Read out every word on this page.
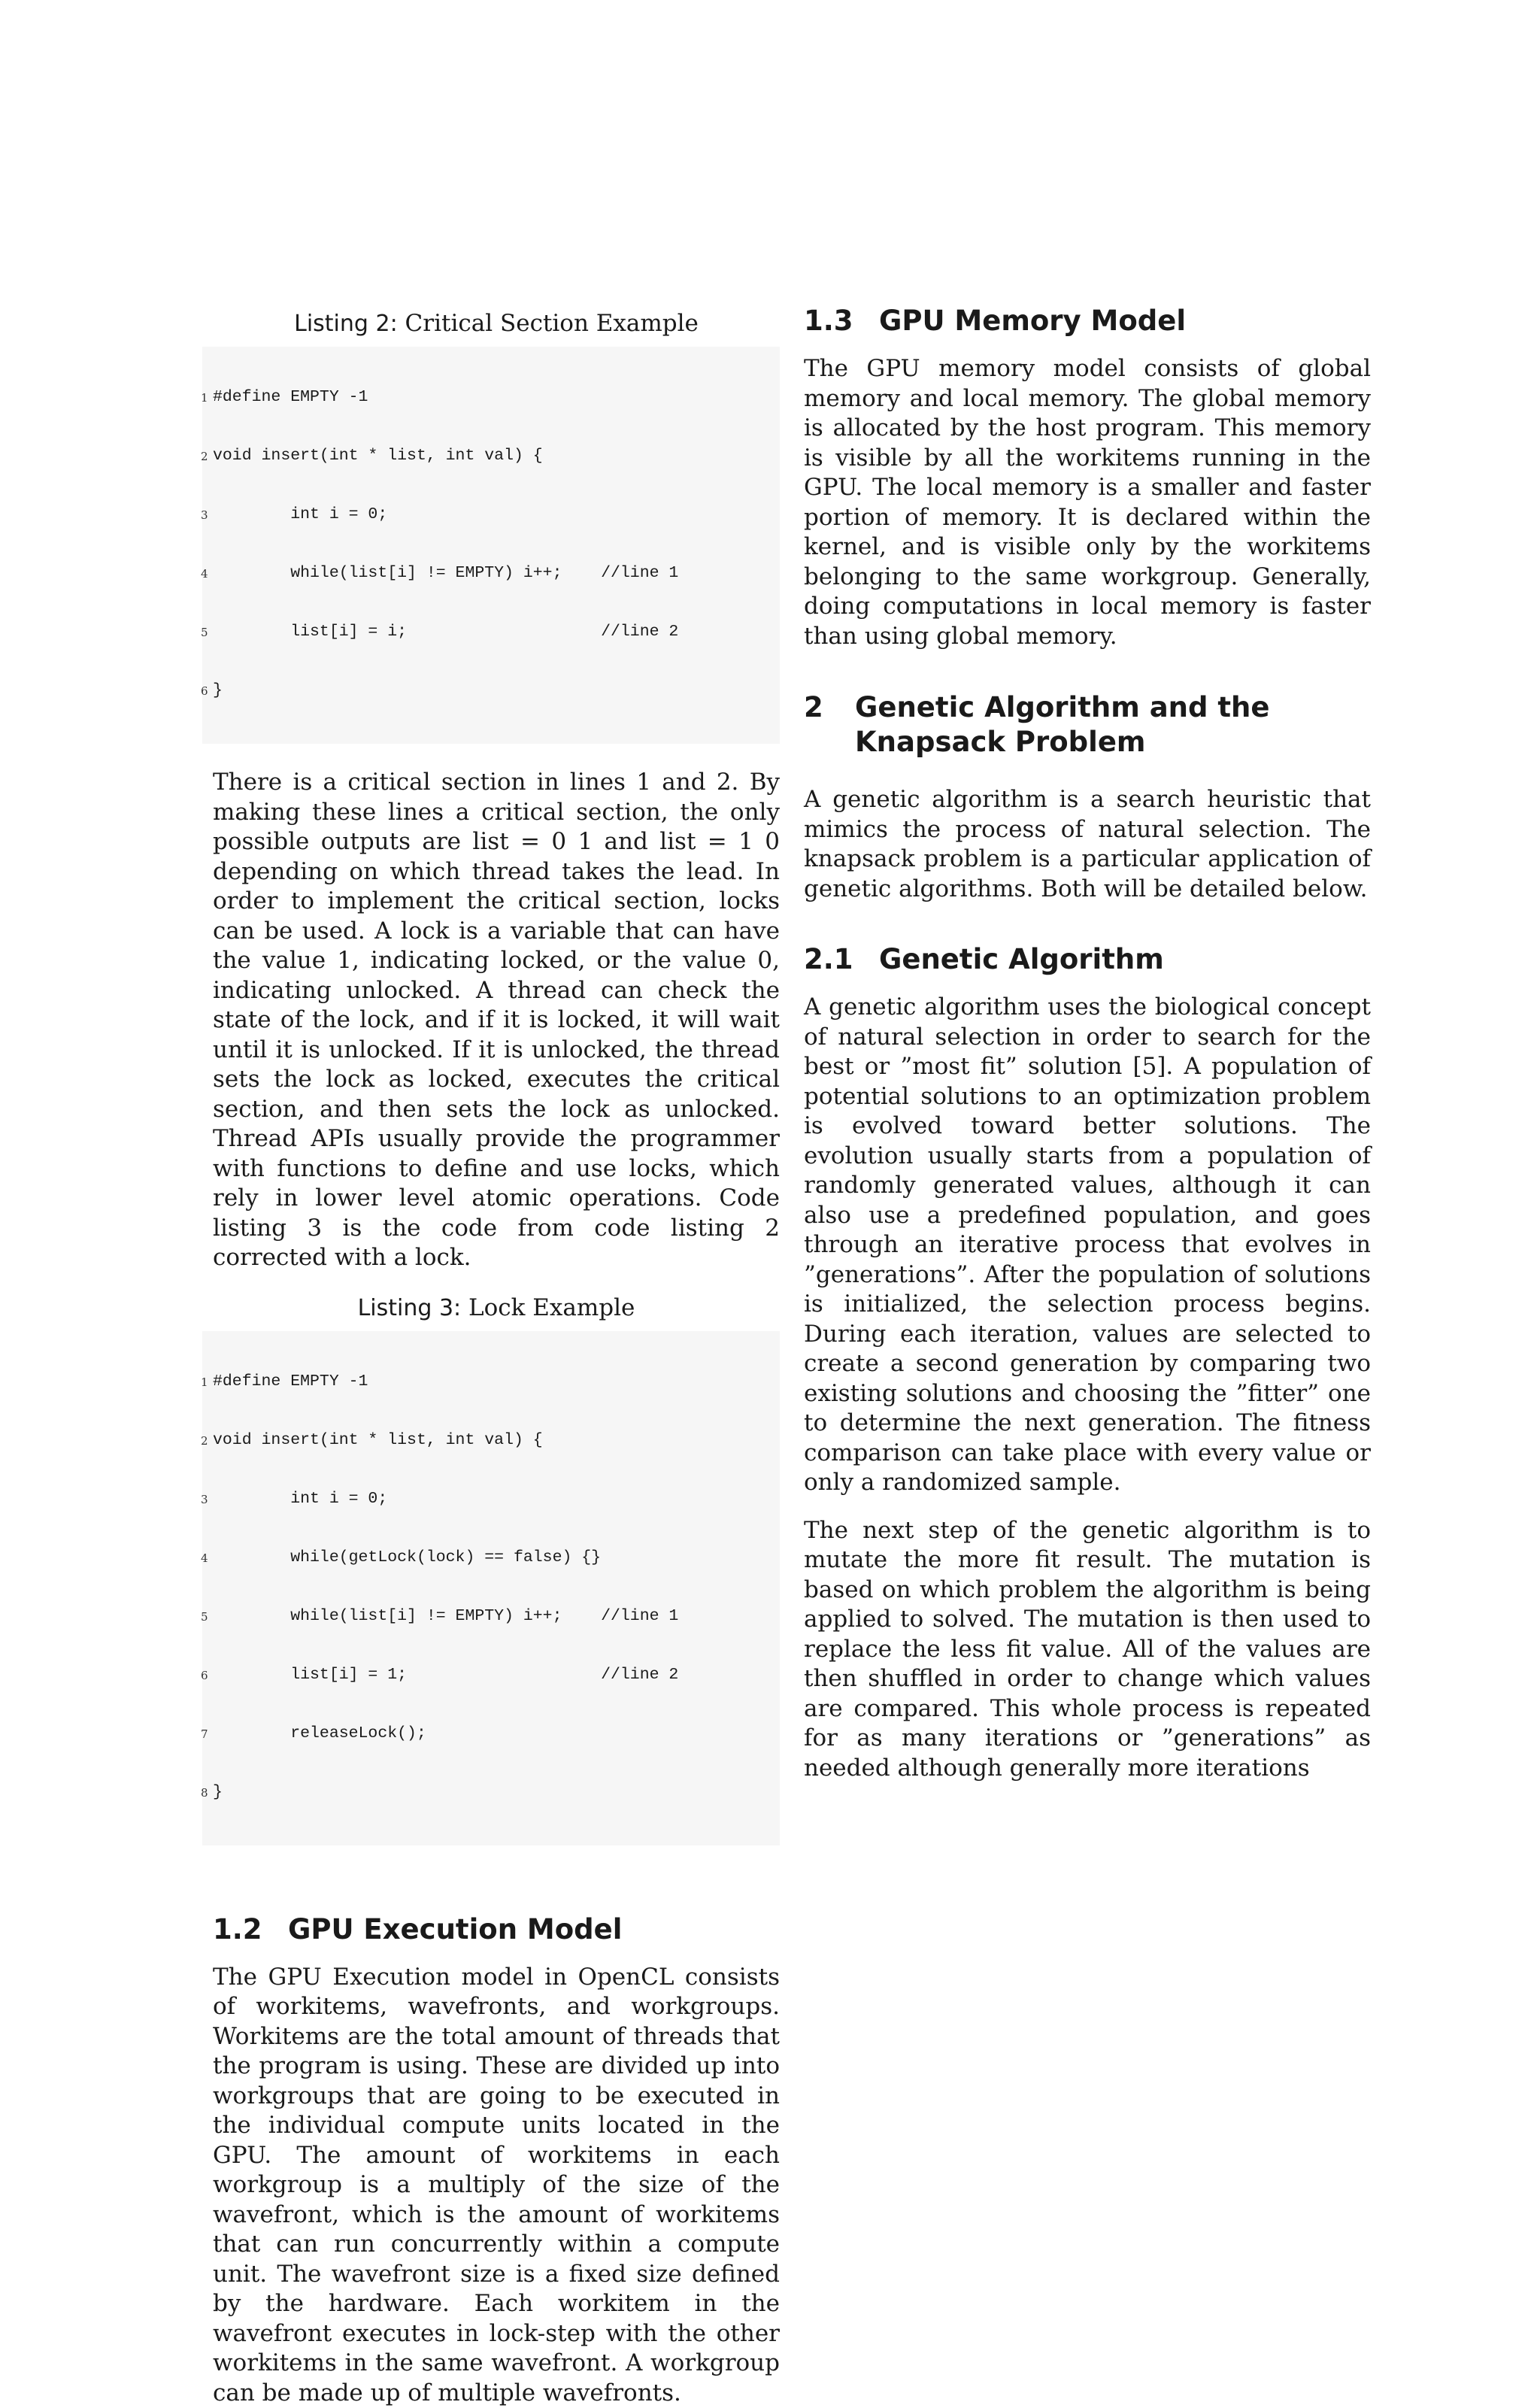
Listing 2: Critical Section Example

1 #define EMPTY -1

2 void insert(int * list, int val) {

3 int i = 0;

4 while(list[i] != EMPTY) i++;    //line 1

5 list[i] = i;                    //line 2

6 }

There is a critical section in lines 1 and 2. By making these lines a critical section, the only possible outputs are list = 0 1 and list = 1 0 depending on which thread takes the lead. In order to implement the critical section, locks can be used. A lock is a variable that can have the value 1, indicating locked, or the value 0, indicating unlocked. A thread can check the state of the lock, and if it is locked, it will wait until it is unlocked. If it is unlocked, the thread sets the lock as locked, executes the critical section, and then sets the lock as unlocked. Thread APIs usually provide the programmer with functions to define and use locks, which rely in lower level atomic operations. Code listing 3 is the code from code listing 2 corrected with a lock.

Listing 3: Lock Example

1 #define EMPTY -1

2 void insert(int * list, int val) {

3 int i = 0;

4 while(getLock(lock) == false) {}

5 while(list[i] != EMPTY) i++;    //line 1

6 list[i] = 1;                    //line 2

7 releaseLock();

8 }

1.2 GPU Execution Model

The GPU Execution model in OpenCL consists of workitems, wavefronts, and workgroups. Workitems are the total amount of threads that the program is using. These are divided up into workgroups that are going to be executed in the individual compute units located in the GPU. The amount of workitems in each workgroup is a multiply of the size of the wavefront, which is the amount of workitems that can run concurrently within a compute unit. The wavefront size is a fixed size defined by the hardware. Each workitem in the wavefront executes in lock-step with the other workitems in the same wavefront. A workgroup can be made up of multiple wavefronts.

1.3 GPU Memory Model

The GPU memory model consists of global memory and local memory. The global memory is allocated by the host program. This memory is visible by all the workitems running in the GPU. The local memory is a smaller and faster portion of memory. It is declared within the kernel, and is visible only by the workitems belonging to the same workgroup. Generally, doing computations in local memory is faster than using global memory.

2	Genetic Algorithm and the Knapsack Problem

A genetic algorithm is a search heuristic that mimics the process of natural selection. The knapsack problem is a particular application of genetic algorithms. Both will be detailed below.

2.1 Genetic Algorithm

A genetic algorithm uses the biological concept of natural selection in order to search for the best or ”most fit” solution [5]. A population of potential solutions to an optimization problem is evolved toward better solutions. The evolution usually starts from a population of randomly generated values, although it can also use a predefined population, and goes through an iterative process that evolves in ”generations”. After the population of solutions is initialized, the selection process begins. During each iteration, values are selected to create a second generation by comparing two existing solutions and choosing the ”fitter” one to determine the next generation. The fitness comparison can take place with every value or only a randomized sample.

The next step of the genetic algorithm is to mutate the more fit result. The mutation is based on which problem the algorithm is being applied to solved. The mutation is then used to replace the less fit value. All of the values are then shuffled in order to change which values are compared. This whole process is repeated for as many iterations or ”generations” as needed although generally more iterations
